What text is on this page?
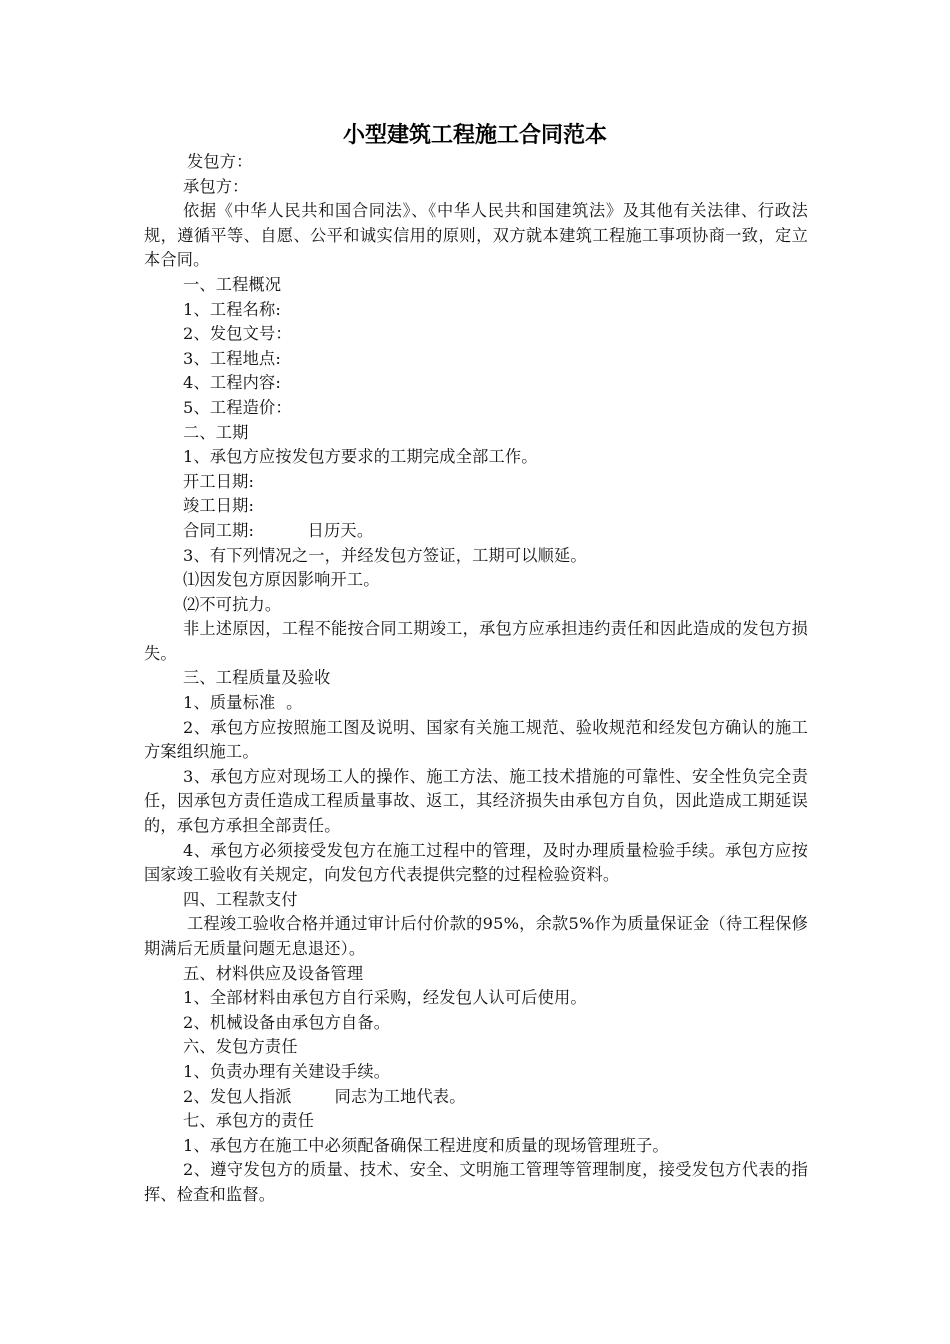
小型建筑工程施工合同范本

发包方：

承包方：

依据《中华人民共和国合同法》、《中华人民共和国建筑法》及其他有关法律、行政法规，遵循平等、自愿、公平和诚实信用的原则，双方就本建筑工程施工事项协商一致，定立本合同。

一、工程概况

1、工程名称:

2、发包文号：

3、工程地点:

4、工程内容:

5、工程造价：

二、工期

1、承包方应按发包方要求的工期完成全部工作。

开工日期:

竣工日期:

合同工期:          日历天。

3、有下列情况之一，并经发包方签证，工期可以顺延。

⑴因发包方原因影响开工。

⑵不可抗力。

非上述原因，工程不能按合同工期竣工，承包方应承担违约责任和因此造成的发包方损失。

三、工程质量及验收

1、质量标准  。

2、承包方应按照施工图及说明、国家有关施工规范、验收规范和经发包方确认的施工方案组织施工。

3、承包方应对现场工人的操作、施工方法、施工技术措施的可靠性、安全性负完全责任，因承包方责任造成工程质量事故、返工，其经济损失由承包方自负，因此造成工期延误的，承包方承担全部责任。

4、承包方必须接受发包方在施工过程中的管理，及时办理质量检验手续。承包方应按国家竣工验收有关规定，向发包方代表提供完整的过程检验资料。

四、工程款支付

工程竣工验收合格并通过审计后付价款的95%，余款5%作为质量保证金（待工程保修期满后无质量问题无息退还）。

五、材料供应及设备管理

1、全部材料由承包方自行采购，经发包人认可后使用。

2、机械设备由承包方自备。

六、发包方责任

1、负责办理有关建设手续。

2、发包人指派        同志为工地代表。

七、承包方的责任

1、承包方在施工中必须配备确保工程进度和质量的现场管理班子。

2、遵守发包方的质量、技术、安全、文明施工管理等管理制度，接受发包方代表的指挥、检查和监督。
